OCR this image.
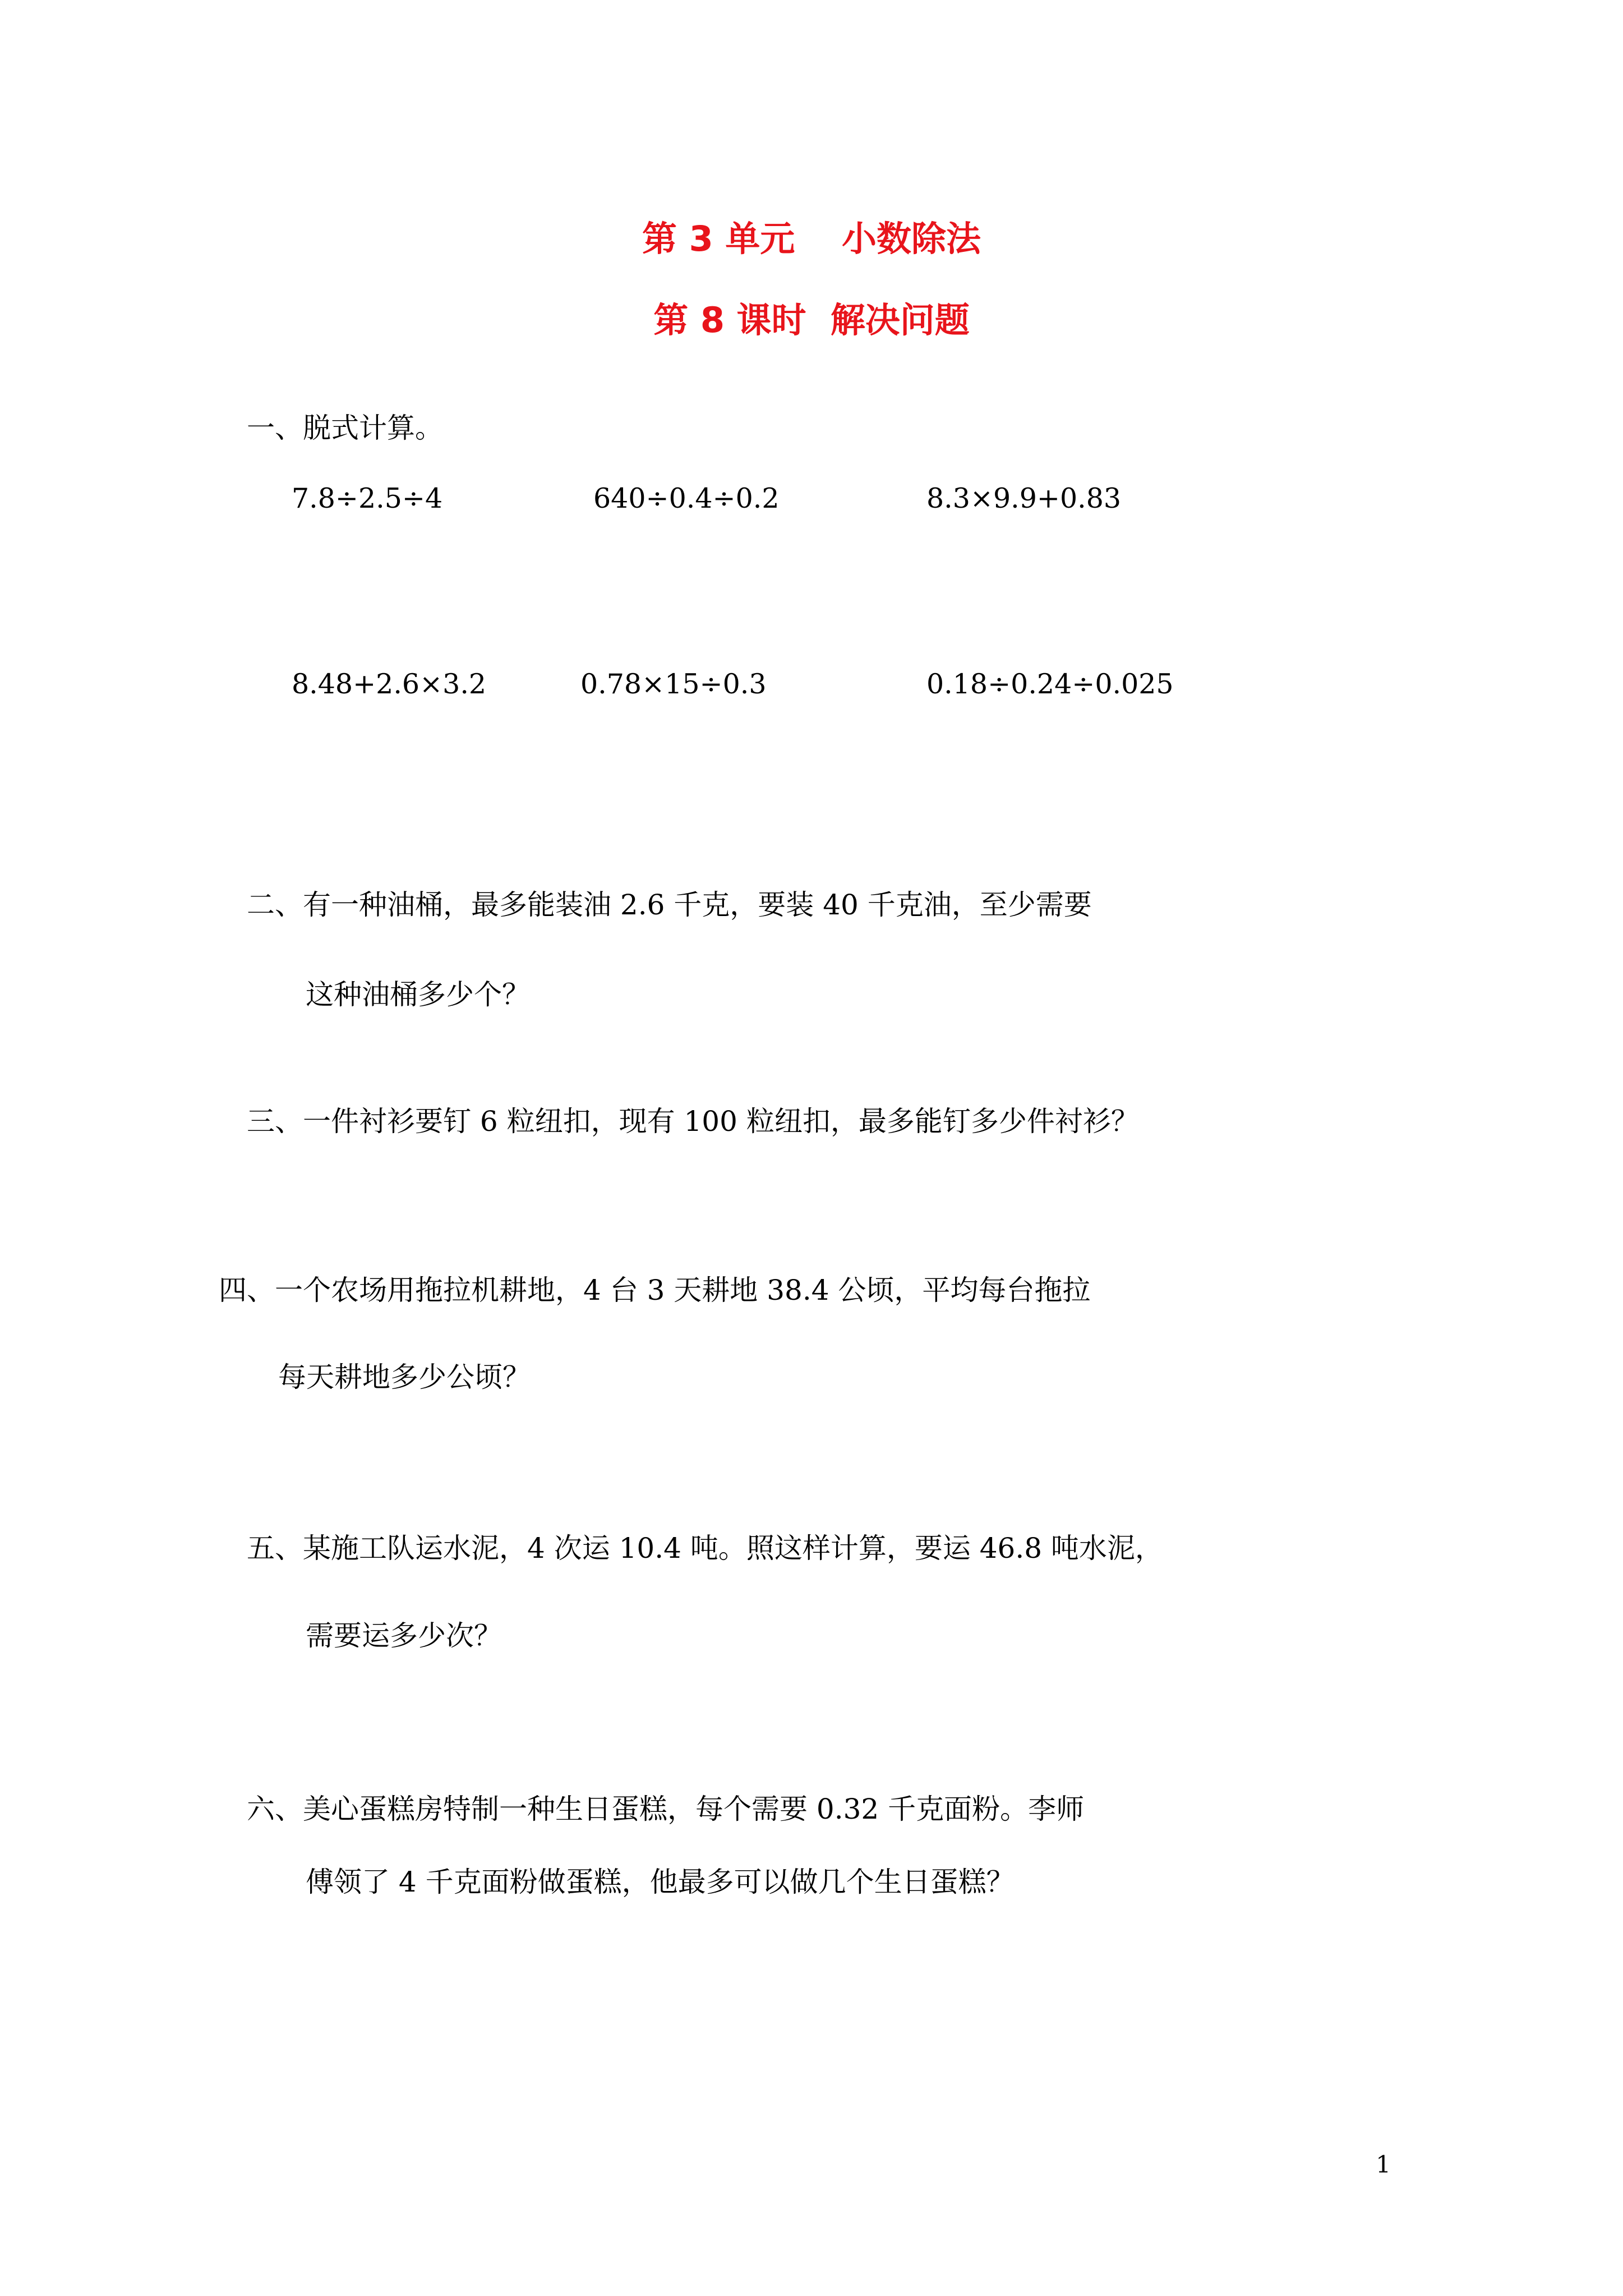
第 3 单元　 小数除法
第 8 课时  解决问题
一、脱式计算。
7.8÷2.5÷4	640÷0.4÷0.2	8.3×9.9+0.83
8.48+2.6×3.2	0.78×15÷0.3	0.18÷0.24÷0.025
二、有一种油桶，最多能装油 2.6 千克，要装 40 千克油，至少需要
这种油桶多少个？
三、一件衬衫要钉 6 粒纽扣，现有 100 粒纽扣，最多能钉多少件衬衫？
四、一个农场用拖拉机耕地，4 台 3 天耕地 38.4 公顷，平均每台拖拉
每天耕地多少公顷？
五、某施工队运水泥，4 次运 10.4 吨。照这样计算，要运 46.8 吨水泥，
需要运多少次？
六、美心蛋糕房特制一种生日蛋糕，每个需要 0.32 千克面粉。李师
傅领了 4 千克面粉做蛋糕，他最多可以做几个生日蛋糕？
1
